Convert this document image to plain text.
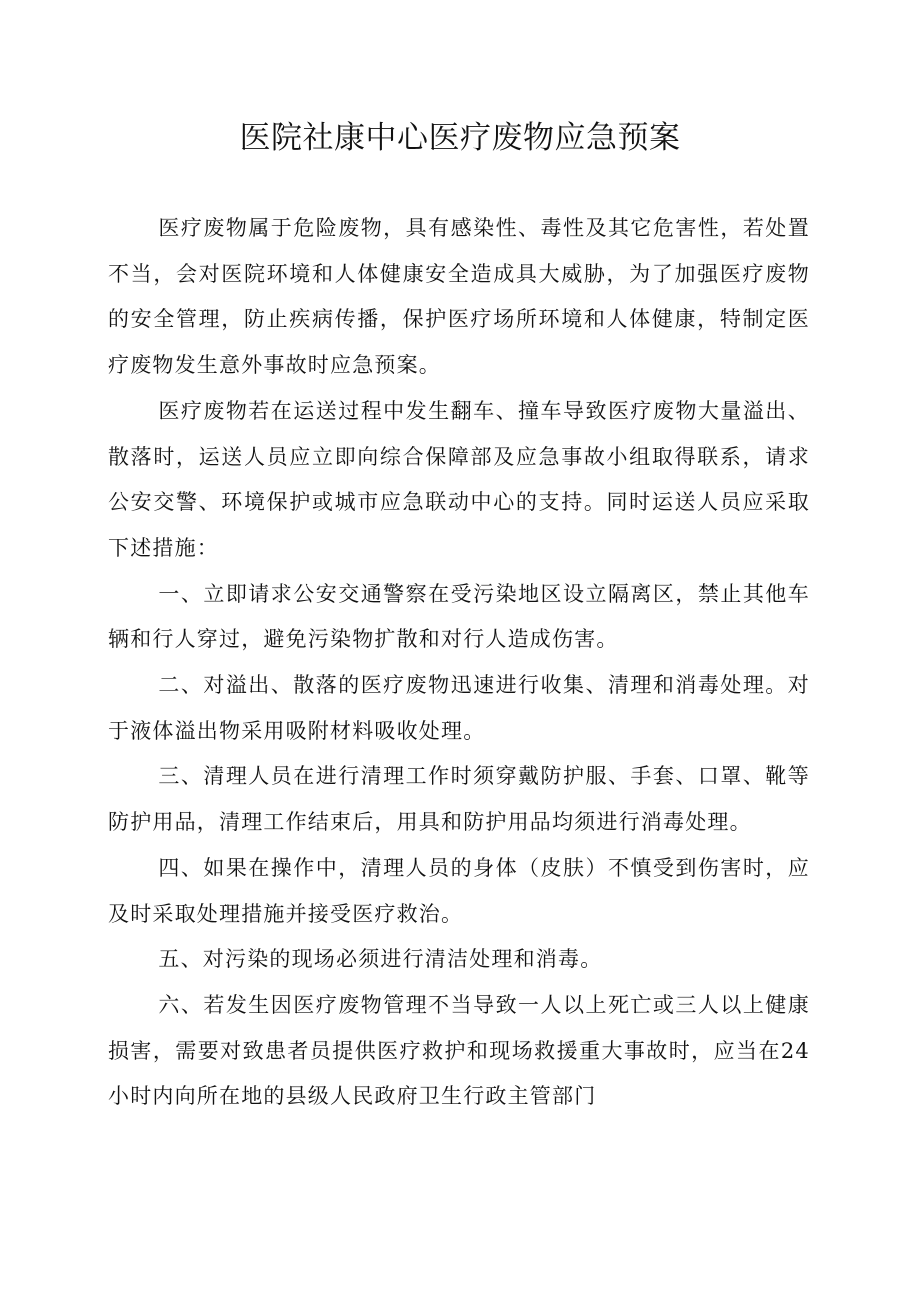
医院社康中心医疗废物应急预案

医疗废物属于危险废物，具有感染性、毒性及其它危害性，若处置不当，会对医院环境和人体健康安全造成具大威胁，为了加强医疗废物的安全管理，防止疾病传播，保护医疗场所环境和人体健康，特制定医疗废物发生意外事故时应急预案。

医疗废物若在运送过程中发生翻车、撞车导致医疗废物大量溢出、散落时，运送人员应立即向综合保障部及应急事故小组取得联系，请求公安交警、环境保护或城市应急联动中心的支持。同时运送人员应采取下述措施：

一、立即请求公安交通警察在受污染地区设立隔离区，禁止其他车辆和行人穿过，避免污染物扩散和对行人造成伤害。

二、对溢出、散落的医疗废物迅速进行收集、清理和消毒处理。对于液体溢出物采用吸附材料吸收处理。

三、清理人员在进行清理工作时须穿戴防护服、手套、口罩、靴等防护用品，清理工作结束后，用具和防护用品均须进行消毒处理。

四、如果在操作中，清理人员的身体（皮肤）不慎受到伤害时，应及时采取处理措施并接受医疗救治。

五、对污染的现场必须进行清洁处理和消毒。

六、若发生因医疗废物管理不当导致一人以上死亡或三人以上健康损害，需要对致患者员提供医疗救护和现场救援重大事故时，应当在24小时内向所在地的县级人民政府卫生行政主管部门
